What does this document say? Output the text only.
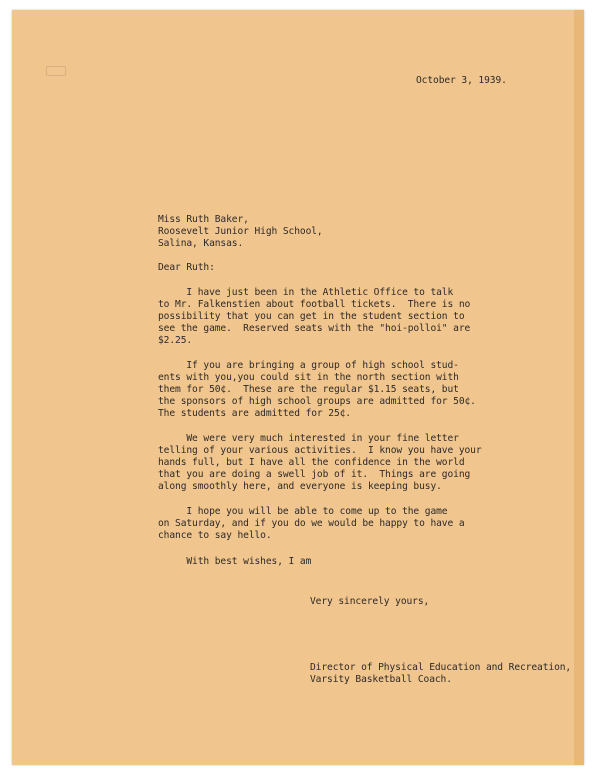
October 3, 1939.
Miss Ruth Baker,
Roosevelt Junior High School,
Salina, Kansas.
Dear Ruth:
I have just been in the Athletic Office to talk
to Mr. Falkenstien about football tickets.  There is no
possibility that you can get in the student section to
see the game.  Reserved seats with the "hoi-polloi" are
$2.25.
If you are bringing a group of high school stud-
ents with you,you could sit in the north section with
them for 50¢.  These are the regular $1.15 seats, but
the sponsors of high school groups are admitted for 50¢.
The students are admitted for 25¢.
We were very much interested in your fine letter
telling of your various activities.  I know you have your
hands full, but I have all the confidence in the world
that you are doing a swell job of it.  Things are going
along smoothly here, and everyone is keeping busy.
I hope you will be able to come up to the game
on Saturday, and if you do we would be happy to have a
chance to say hello.
With best wishes, I am
Very sincerely yours,
Director of Physical Education and Recreation,
Varsity Basketball Coach.
